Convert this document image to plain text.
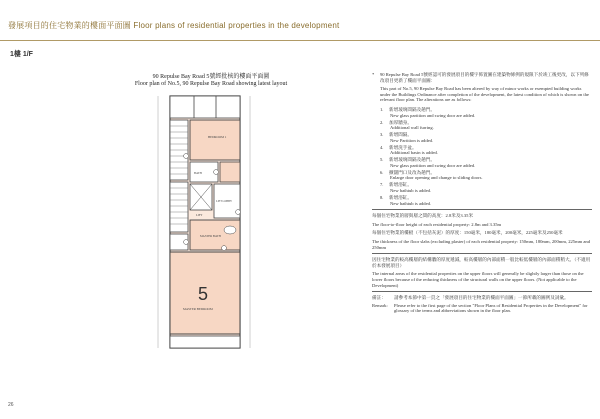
發展項目的住宅物業的樓面平面圖 Floor plans of residential properties in the development
1樓 1/F
90 Repulse Bay Road 5號經批核的樓面平面圖
Floor plan of No.5, 90 Repulse Bay Road showing latest layout
BEDROOM 1
BATH
LIFT
LIFT LOBBY
MASTER BATH
5
MASTER BEDROOM
*	90 Repulse Bay Road 5號經認可的發展項目的樓宇佈置圖在建築物條例的規限下於竣工後更改，以下列修改項目更新了樓面平面圖：

This part of No.5, 90 Repulse Bay Road has been altered by way of minor works or exempted building works under the Buildings Ordinance after completion of the development, the latest condition of which is shown on the relevant floor plan. The alterations are as follows:

1. 新增玻璃間隔及趟門。
New glass partition and swing door are added.
2. 加厚牆身。
Additional wall furring.
3. 新增間隔。
New Partition is added.
4. 新增洗手盆。
Additional basin is added.
5. 新增玻璃間隔及趟門。
New glass partition and swing door are added.
6. 擴闊門口及改為趟門。
Enlarge door opening and change to sliding doors.
7. 新增浴缸。
New bathtub is added.
8. 新增浴缸。
New bathtub is added.

每個住宅物業的層與層之間的高度：2.8米及3.35米

The floor-to-floor height of each residential property: 2.8m and 3.35m

每個住宅物業的樓板（不包括灰泥）的厚度：150毫米，180毫米，200毫米，225毫米及250毫米

The thickness of the floor slabs (excluding plaster) of each residential property: 150mm, 180mm, 200mm, 225mm and 250mm

因住宅物業的較高樓層的結構牆的厚度遞減，較高樓層的內部面積一般比較低樓層的內部面積稍大。（不適用於本發展項目）

The internal areas of the residential properties on the upper floors will generally be slightly larger than those on the lower floors because of the reducing thickness of the structural walls on the upper floors. (Not applicable to the Development)

備註：	請參考本節中第一頁之「發展項目的住宅物業的樓面平面圖」一節所載的圖例及詞彙。
Remark:	Please refer to the first page of the section "Floor Plans of Residential Properties in the Development" for glossary of the terms and abbreviations shown in the floor plan.
26
